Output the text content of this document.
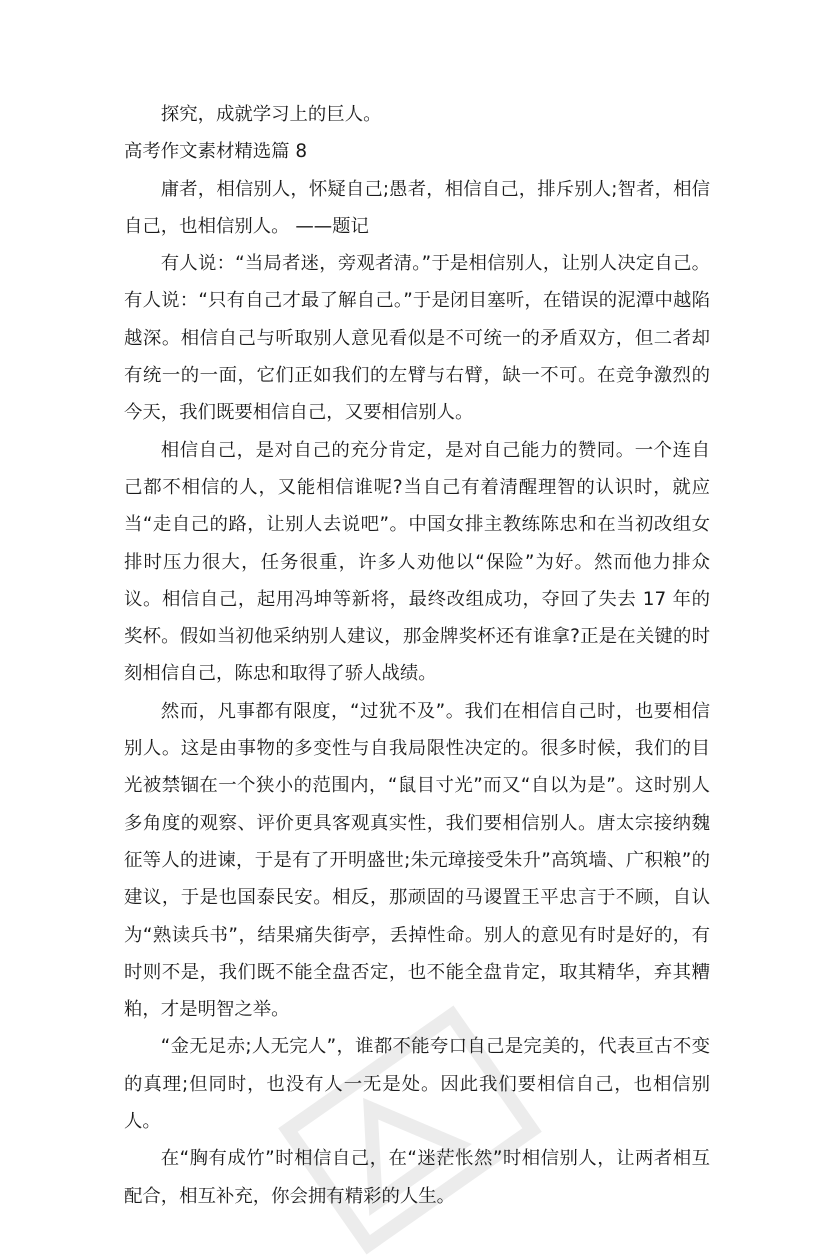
探究，成就学习上的巨人。

高考作文素材精选篇 8

庸者，相信别人，怀疑自己;愚者，相信自己，排斥别人;智者，相信自己，也相信别人。 ——题记

有人说：“当局者迷，旁观者清。”于是相信别人，让别人决定自己。有人说：“只有自己才最了解自己。”于是闭目塞听，在错误的泥潭中越陷越深。相信自己与听取别人意见看似是不可统一的矛盾双方，但二者却有统一的一面，它们正如我们的左臂与右臂，缺一不可。在竞争激烈的今天，我们既要相信自己，又要相信别人。

相信自己，是对自己的充分肯定，是对自己能力的赞同。一个连自己都不相信的人，又能相信谁呢?当自己有着清醒理智的认识时，就应当“走自己的路，让别人去说吧”。中国女排主教练陈忠和在当初改组女排时压力很大，任务很重，许多人劝他以“保险”为好。然而他力排众议。相信自己，起用冯坤等新将，最终改组成功，夺回了失去 17 年的奖杯。假如当初他采纳别人建议，那金牌奖杯还有谁拿?正是在关键的时刻相信自己，陈忠和取得了骄人战绩。

然而，凡事都有限度，“过犹不及”。我们在相信自己时，也要相信别人。这是由事物的多变性与自我局限性决定的。很多时候，我们的目光被禁锢在一个狭小的范围内，“鼠目寸光”而又“自以为是”。这时别人多角度的观察、评价更具客观真实性，我们要相信别人。唐太宗接纳魏征等人的进谏，于是有了开明盛世;朱元璋接受朱升”高筑墙、广积粮”的建议，于是也国泰民安。相反，那顽固的马谡置王平忠言于不顾，自认为“熟读兵书”，结果痛失街亭，丢掉性命。别人的意见有时是好的，有时则不是，我们既不能全盘否定，也不能全盘肯定，取其精华，弃其糟粕，才是明智之举。

“金无足赤;人无完人”，谁都不能夸口自己是完美的，代表亘古不变的真理;但同时，也没有人一无是处。因此我们要相信自己，也相信别人。

在“胸有成竹”时相信自己，在“迷茫怅然”时相信别人，让两者相互配合，相互补充，你会拥有精彩的人生。
